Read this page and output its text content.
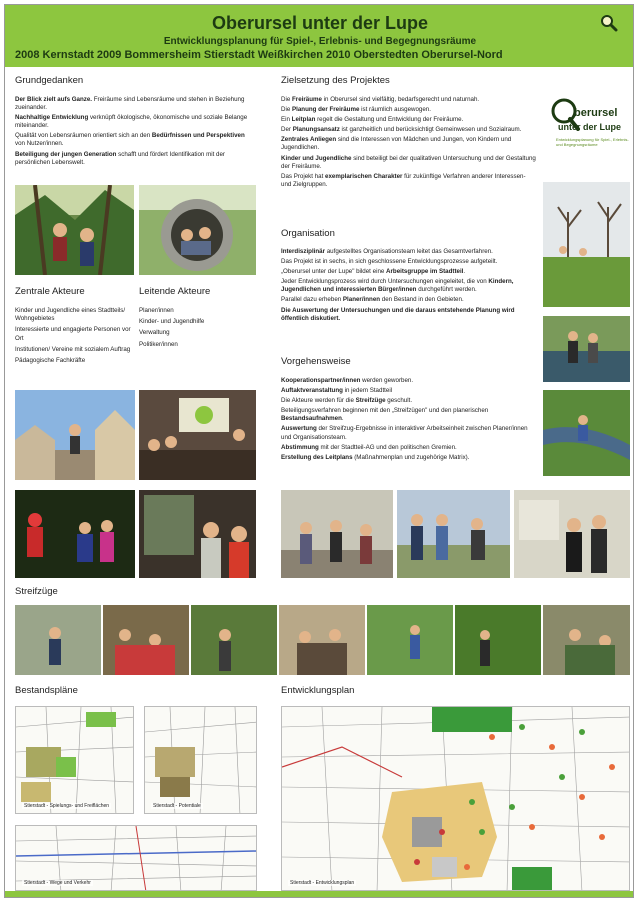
Oberursel unter der Lupe
Entwicklungsplanung für Spiel-, Erlebnis- und Begegnungsräume
2008 Kernstadt 2009 Bommersheim Stierstadt Weißkirchen 2010 Oberstedten Oberursel-Nord
Grundgedanken

Der Blick zielt aufs Ganze. Freiräume sind Lebensräume und stehen in Beziehung zueinander.

Nachhaltige Entwicklung verknüpft ökologische, ökonomische und soziale Belange miteinander.

Qualität von Lebensräumen orientiert sich an den Bedürfnissen und Perspektiven von Nutzer/innen.

Beteiligung der jungen Generation schafft und fördert Identifikation mit der persönlichen Lebenswelt.

Zentrale Akteure
Kinder und Jugendliche eines Stadtteils/ Wohngebietes
Interessierte und engagierte Personen vor Ort
Institutionen/ Vereine mit sozialem Auftrag
Pädagogische Fachkräfte
Leitende Akteure
Planer/innen
Kinder- und Jugendhilfe
Verwaltung
Politiker/innen
Zielsetzung des Projektes

Die Freiräume in Oberursel sind vielfältig, bedarfsgerecht und naturnah.

Die Planung der Freiräume ist räumlich ausgewogen.

Ein Leitplan regelt die Gestaltung und Entwicklung der Freiräume.

Der Planungsansatz ist ganzheitlich und berücksichtigt Gemeinwesen und Sozialraum.

Zentrales Anliegen sind die Interessen von Mädchen und Jungen, von Kindern und Jugendlichen.

Kinder und Jugendliche sind beteiligt bei der qualitativen Untersuchung und der Gestaltung der Freiräume.

Das Projekt hat exemplarischen Charakter für zukünftige Verfahren anderer Interessen- und Zielgruppen.

berursel
unter der Lupe
Entwicklungsplanung für Spiel-, Erlebnis- und Begegnungsräume
Organisation

Interdisziplinär aufgestelltes Organisationsteam leitet das Gesamtverfahren.

Das Projekt ist in sechs, in sich geschlossene Entwicklungsprozesse aufgeteilt.

„Oberursel unter der Lupe" bildet eine Arbeitsgruppe im Stadtteil.

Jeder Entwicklungsprozess wird durch Untersuchungen eingeleitet, die von Kindern, Jugendlichen und interessierten Bürger/innen durchgeführt werden.

Parallel dazu erheben Planer/innen den Bestand in den Gebieten.

Die Auswertung der Untersuchungen und die daraus entstehende Planung wird öffentlich diskutiert.

Vorgehensweise

Kooperationspartner/innen werden geworben.

Auftaktveranstaltung in jedem Stadtteil

Die Akteure werden für die Streifzüge geschult.

Beteiligungsverfahren beginnen mit den „Streifzügen" und den planerischen Bestandsaufnahmen.

Auswertung der Streifzug-Ergebnisse in interaktiver Arbeitseinheit zwischen Planer/innen und Organisationsteam.

Abstimmung mit der Stadtteil-AG und den politischen Gremien.

Erstellung des Leitplans (Maßnahmenplan und zugehörige Matrix).

Streifzüge
Bestandspläne
Stierstadt - Spielungs- und Freiflächen	Stierstadt - Potentiale
Stierstadt - Wege und Verkehr
Entwicklungsplan
Stierstadt - Entwicklungsplan
